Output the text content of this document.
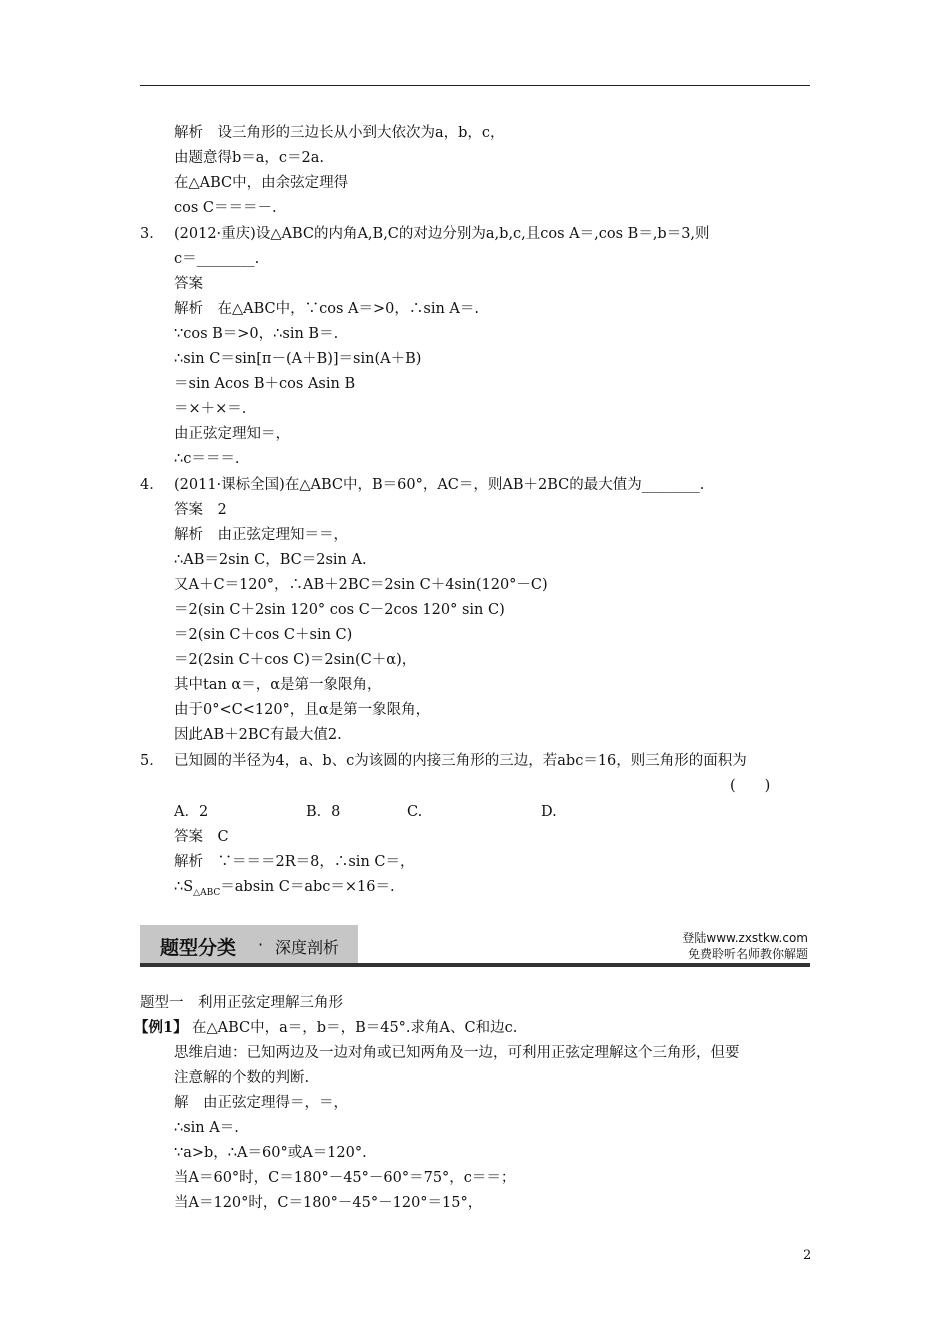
解析　设三角形的三边长从小到大依次为a，b，c，
由题意得b＝a，c＝2a.
在△ABC中，由余弦定理得
cos C＝＝＝－.
3． (2012·重庆)设△ABC的内角A,B,C的对边分别为a,b,c,且cos A＝,cos B＝,b＝3,则
c＝________.
答案
解析　在△ABC中，∵cos A＝>0，∴sin A＝.
∵cos B＝>0，∴sin B＝.
∴sin C＝sin[π－(A＋B)]＝sin(A＋B)
＝sin Acos B＋cos Asin B
＝×＋×＝.
由正弦定理知＝，
∴c＝＝＝.
4． (2011·课标全国)在△ABC中，B＝60°，AC＝，则AB＋2BC的最大值为________.
答案　2
解析　由正弦定理知＝＝，
∴AB＝2sin C，BC＝2sin A.
又A＋C＝120°，∴AB＋2BC＝2sin C＋4sin(120°－C)
＝2(sin C＋2sin 120° cos C－2cos 120° sin C)
＝2(sin C＋cos C＋sin C)
＝2(2sin C＋cos C)＝2sin(C＋α)，
其中tan α＝，α是第一象限角，
由于0°<C<120°，且α是第一象限角，
因此AB＋2BC有最大值2.
5． 已知圆的半径为4，a、b、c为该圆的内接三角形的三边，若abc＝16，则三角形的面积为
(　　)
A．2	B．8	C.	D.
答案　C
解析　∵＝＝＝2R＝8，∴sin C＝，
$\therefore S_{\triangle ABC}=absin$ C＝abc＝×16＝.
题型分类 · 深度剖析	登陆www.zxstkw.com
免费聆听名师教你解题
题型一　利用正弦定理解三角形
【例1】 在△ABC中，a＝，b＝，B＝45°.求角A、C和边c.
思维启迪：已知两边及一边对角或已知两角及一边，可利用正弦定理解这个三角形，但要
注意解的个数的判断.
解　由正弦定理得＝，＝，
∴sin A＝.
∵a>b，∴A＝60°或A＝120°.
当A＝60°时，C＝180°－45°－60°＝75°，c＝＝；
当A＝120°时，C＝180°－45°－120°＝15°，
2
